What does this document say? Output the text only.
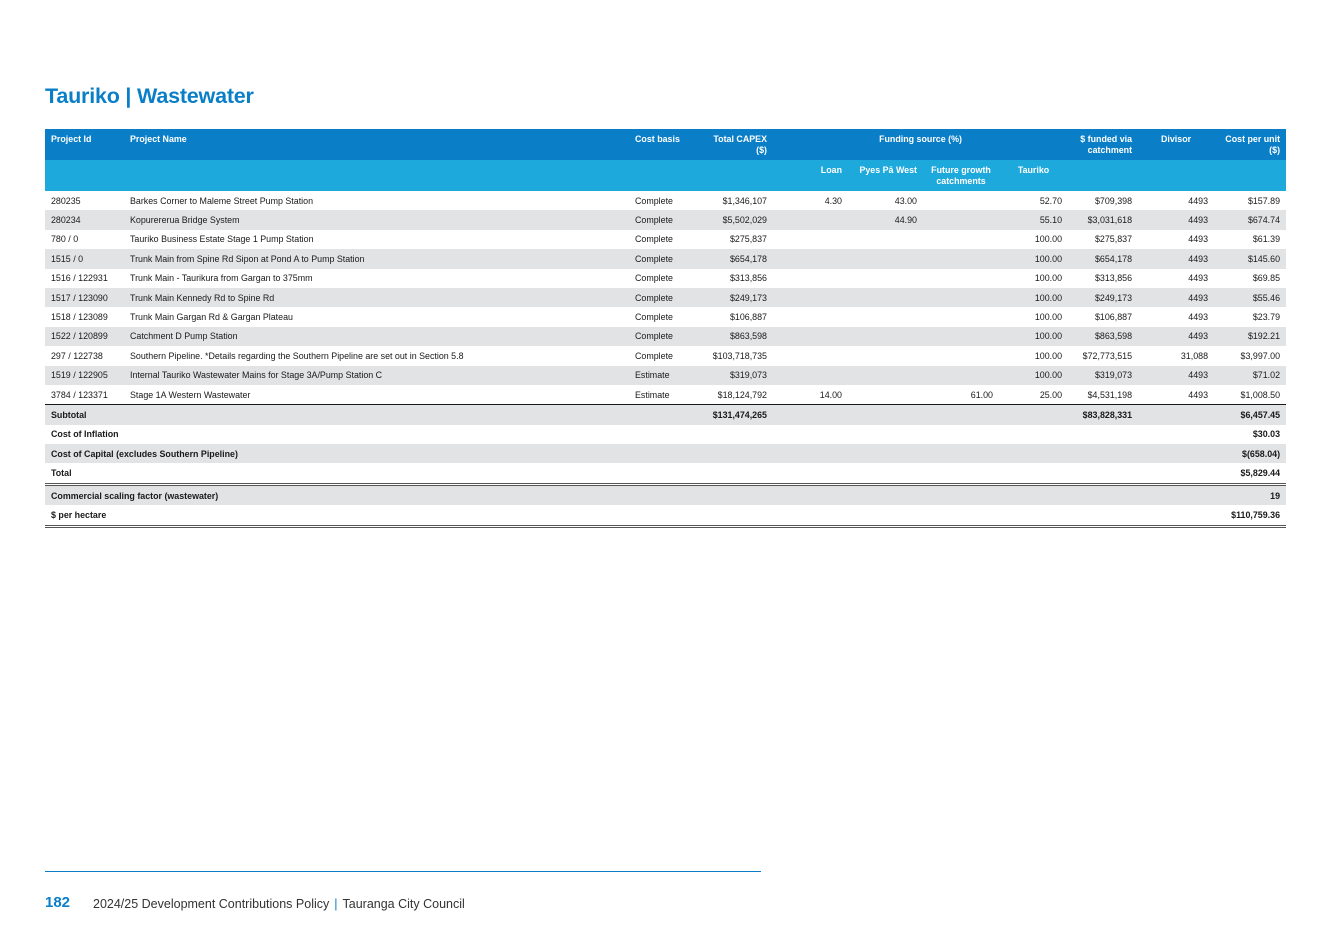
Tauriko | Wastewater
Project Id	Project Name	Cost basis	Total CAPEX ($)	Funding source (%)				$ funded via catchment	Divisor	Cost per unit ($)

				Loan	Pyes Pā West	Future growth catchments	Tauriko			
280235	Barkes Corner to Maleme Street Pump Station	Complete	$1,346,107	4.30	43.00		52.70	$709,398	4493	$157.89
280234	Kopurererua Bridge System	Complete	$5,502,029		44.90		55.10	$3,031,618	4493	$674.74
780 / 0	Tauriko Business Estate Stage 1 Pump Station	Complete	$275,837				100.00	$275,837	4493	$61.39
1515 / 0	Trunk Main from Spine Rd Sipon at Pond A to Pump Station	Complete	$654,178				100.00	$654,178	4493	$145.60
1516 / 122931	Trunk Main - Taurikura from Gargan to 375mm	Complete	$313,856				100.00	$313,856	4493	$69.85
1517 / 123090	Trunk Main Kennedy Rd to Spine Rd	Complete	$249,173				100.00	$249,173	4493	$55.46
1518 / 123089	Trunk Main Gargan Rd & Gargan Plateau	Complete	$106,887				100.00	$106,887	4493	$23.79
1522 / 120899	Catchment D Pump Station	Complete	$863,598				100.00	$863,598	4493	$192.21
297 / 122738	Southern Pipeline. *Details regarding the Southern Pipeline are set out in Section 5.8	Complete	$103,718,735				100.00	$72,773,515	31,088	$3,997.00
1519 / 122905	Internal Tauriko Wastewater Mains for Stage 3A/Pump Station C	Estimate	$319,073				100.00	$319,073	4493	$71.02
3784 / 123371	Stage 1A Western Wastewater	Estimate	$18,124,792	14.00		61.00	25.00	$4,531,198	4493	$1,008.50
Subtotal			$131,474,265					$83,828,331		$6,457.45
Cost of Inflation										$30.03
Cost of Capital (excludes Southern Pipeline)										$(658.04)
Total										$5,829.44
Commercial scaling factor (wastewater)										19
$ per hectare										$110,759.36
182 2024/25 Development Contributions Policy | Tauranga City Council
